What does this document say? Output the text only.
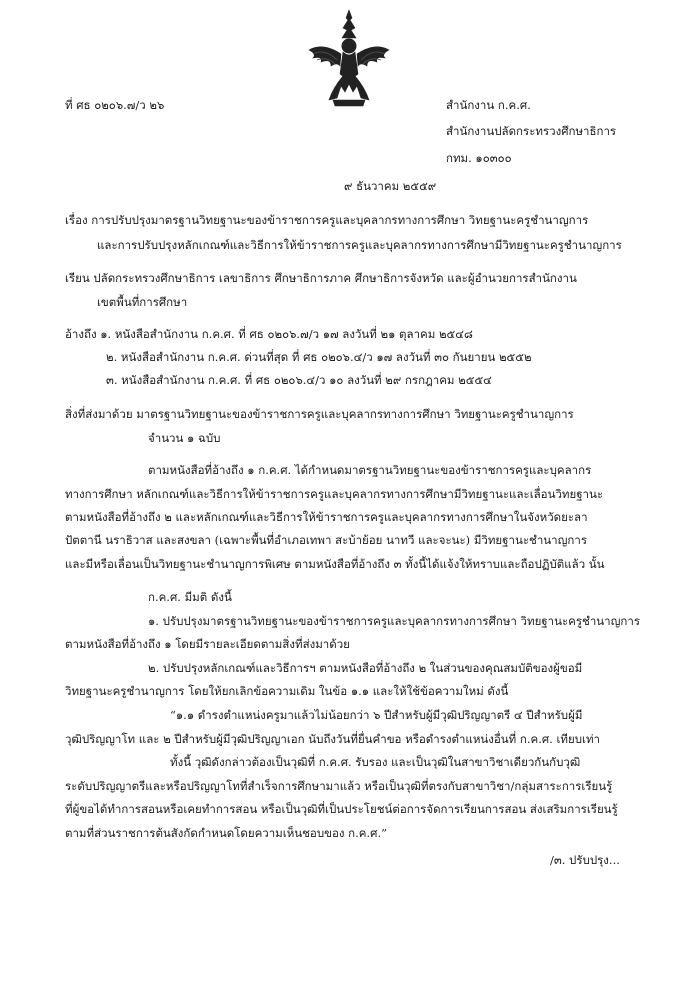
ที่ ศธ ๐๒๐๖.๗/ว ๒๖	สำนักงาน ก.ค.ศ.
สำนักงานปลัดกระทรวงศึกษาธิการ
กทม. ๑๐๓๐๐
๙ ธันวาคม ๒๕๕๙
เรื่อง การปรับปรุงมาตรฐานวิทยฐานะของข้าราชการครูและบุคลากรทางการศึกษา วิทยฐานะครูชำนาญการ
และการปรับปรุงหลักเกณฑ์และวิธีการให้ข้าราชการครูและบุคลากรทางการศึกษามีวิทยฐานะครูชำนาญการ
เรียน ปลัดกระทรวงศึกษาธิการ เลขาธิการ ศึกษาธิการภาค ศึกษาธิการจังหวัด และผู้อำนวยการสำนักงาน
เขตพื้นที่การศึกษา
อ้างถึง ๑. หนังสือสำนักงาน ก.ค.ศ. ที่ ศธ ๐๒๐๖.๗/ว ๑๗ ลงวันที่ ๒๑ ตุลาคม ๒๕๔๘
๒. หนังสือสำนักงาน ก.ค.ศ. ด่วนที่สุด ที่ ศธ ๐๒๐๖.๔/ว ๑๗ ลงวันที่ ๓๐ กันยายน ๒๕๕๒
๓. หนังสือสำนักงาน ก.ค.ศ. ที่ ศธ ๐๒๐๖.๔/ว ๑๐ ลงวันที่ ๒๙ กรกฎาคม ๒๕๕๔
สิ่งที่ส่งมาด้วย มาตรฐานวิทยฐานะของข้าราชการครูและบุคลากรทางการศึกษา วิทยฐานะครูชำนาญการ
จำนวน ๑ ฉบับ
ตามหนังสือที่อ้างถึง ๑ ก.ค.ศ. ได้กำหนดมาตรฐานวิทยฐานะของข้าราชการครูและบุคลากร
ทางการศึกษา หลักเกณฑ์และวิธีการให้ข้าราชการครูและบุคลากรทางการศึกษามีวิทยฐานะและเลื่อนวิทยฐานะ
ตามหนังสือที่อ้างถึง ๒ และหลักเกณฑ์และวิธีการให้ข้าราชการครูและบุคลากรทางการศึกษาในจังหวัดยะลา
ปัตตานี นราธิวาส และสงขลา (เฉพาะพื้นที่อำเภอเทพา สะบ้าย้อย นาทวี และจะนะ) มีวิทยฐานะชำนาญการ
และมีหรือเลื่อนเป็นวิทยฐานะชำนาญการพิเศษ ตามหนังสือที่อ้างถึง ๓ ทั้งนี้ได้แจ้งให้ทราบและถือปฏิบัติแล้ว นั้น
ก.ค.ศ. มีมติ ดังนี้
๑. ปรับปรุงมาตรฐานวิทยฐานะของข้าราชการครูและบุคลากรทางการศึกษา วิทยฐานะครูชำนาญการ
ตามหนังสือที่อ้างถึง ๑ โดยมีรายละเอียดตามสิ่งที่ส่งมาด้วย
๒. ปรับปรุงหลักเกณฑ์และวิธีการฯ ตามหนังสือที่อ้างถึง ๒ ในส่วนของคุณสมบัติของผู้ขอมี
วิทยฐานะครูชำนาญการ โดยให้ยกเลิกข้อความเดิม ในข้อ ๑.๑ และให้ใช้ข้อความใหม่ ดังนี้
“๑.๑ ดำรงตำแหน่งครูมาแล้วไม่น้อยกว่า ๖ ปีสำหรับผู้มีวุฒิปริญญาตรี ๔ ปีสำหรับผู้มี
วุฒิปริญญาโท และ ๒ ปีสำหรับผู้มีวุฒิปริญญาเอก นับถึงวันที่ยื่นคำขอ หรือดำรงตำแหน่งอื่นที่ ก.ค.ศ. เทียบเท่า
ทั้งนี้ วุฒิดังกล่าวต้องเป็นวุฒิที่ ก.ค.ศ. รับรอง และเป็นวุฒิในสาขาวิชาเดียวกันกับวุฒิ
ระดับปริญญาตรีและหรือปริญญาโทที่สำเร็จการศึกษามาแล้ว หรือเป็นวุฒิที่ตรงกับสาขาวิชา/กลุ่มสาระการเรียนรู้
ที่ผู้ขอได้ทำการสอนหรือเคยทำการสอน หรือเป็นวุฒิที่เป็นประโยชน์ต่อการจัดการเรียนการสอน ส่งเสริมการเรียนรู้
ตามที่ส่วนราชการต้นสังกัดกำหนดโดยความเห็นชอบของ ก.ค.ศ.”
/๓. ปรับปรุง...
